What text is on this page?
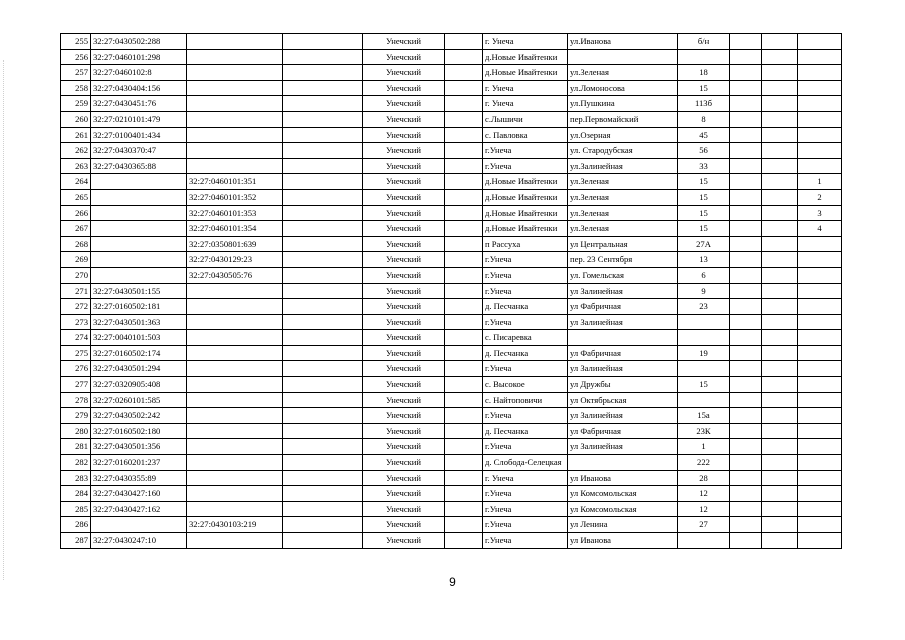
255	32:27:0430502:288			Унечский		г. Унеча	ул.Иванова	б/н			
256	32:27:0460101:298			Унечский		д.Новые Ивайтенки					
257	32:27:0460102:8			Унечский		д.Новые Ивайтенки	ул.Зеленая	18			
258	32:27:0430404:156			Унечский		г. Унеча	ул.Ломоносова	15			
259	32:27:0430451:76			Унечский		г. Унеча	ул.Пушкина	113б			
260	32:27:0210101:479			Унечский		с.Лышичи	пер.Первомайский	8			
261	32:27:0100401:434			Унечский		с. Павловка	ул.Озерная	45			
262	32:27:0430370:47			Унечский		г.Унеча	ул. Стародубская	56			
263	32:27:0430365:88			Унечский		г.Унеча	ул.Залинейная	33			
264		32:27:0460101:351		Унечский		д.Новые Ивайтенки	ул.Зеленая	15			1
265		32:27:0460101:352		Унечский		д.Новые Ивайтенки	ул.Зеленая	15			2
266		32:27:0460101:353		Унечский		д.Новые Ивайтенки	ул.Зеленая	15			3
267		32:27:0460101:354		Унечский		д.Новые Ивайтенки	ул.Зеленая	15			4
268		32:27:0350801:639		Унечский		п Рассуха	ул Центральная	27А			
269		32:27:0430129:23		Унечский		г.Унеча	пер. 23 Сентября	13			
270		32:27:0430505:76		Унечский		г.Унеча	ул. Гомельская	6			
271	32:27:0430501:155			Унечский		г.Унеча	ул Залинейная	9			
272	32:27:0160502:181			Унечский		д. Песчанка	ул Фабричная	23			
273	32:27:0430501:363			Унечский		г.Унеча	ул Залинейная				
274	32:27:0040101:503			Унечский		с. Писаревка					
275	32:27:0160502:174			Унечский		д. Песчанка	ул Фабричная	19			
276	32:27:0430501:294			Унечский		г.Унеча	ул Залинейная				
277	32:27:0320905:408			Унечский		с. Высокое	ул Дружбы	15			
278	32:27:0260101:585			Унечский		с. Найтоповичи	ул Октябрьская				
279	32:27:0430502:242			Унечский		г.Унеча	ул Залинейная	15а			
280	32:27:0160502:180			Унечский		д. Песчанка	ул Фабричная	23К			
281	32:27:0430501:356			Унечский		г.Унеча	ул Залинейная	1			
282	32:27:0160201:237			Унечский		д. Слобода-Селецкая		222			
283	32:27:0430355:89			Унечский		г. Унеча	ул Иванова	28			
284	32:27:0430427:160			Унечский		г.Унеча	ул Комсомольская	12			
285	32:27:0430427:162			Унечский		г.Унеча	ул Комсомольская	12			
286		32:27:0430103:219		Унечский		г.Унеча	ул Ленина	27			
287	32:27:0430247:10			Унечский		г.Унеча	ул Иванова				
9
